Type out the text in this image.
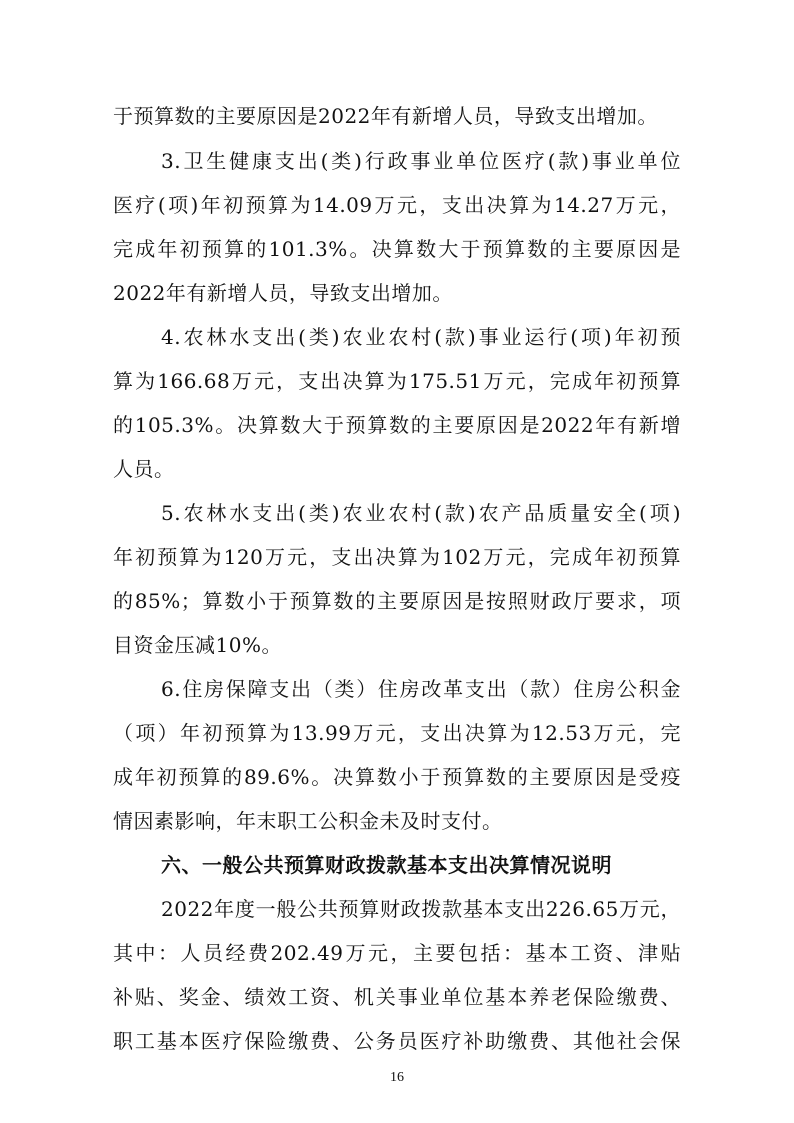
于预算数的主要原因是2022年有新增人员，导致支出增加。
3.卫生健康支出(类)行政事业单位医疗(款)事业单位
医疗(项)年初预算为14.09万元，支出决算为14.27万元，
完成年初预算的101.3%。决算数大于预算数的主要原因是
2022年有新增人员，导致支出增加。
4.农林水支出(类)农业农村(款)事业运行(项)年初预
算为166.68万元，支出决算为175.51万元，完成年初预算
的105.3%。决算数大于预算数的主要原因是2022年有新增
人员。
5.农林水支出(类)农业农村(款)农产品质量安全(项)
年初预算为120万元，支出决算为102万元，完成年初预算
的85%；算数小于预算数的主要原因是按照财政厅要求，项
目资金压减10%。
6.住房保障支出（类）住房改革支出（款）住房公积金
（项）年初预算为13.99万元，支出决算为12.53万元，完
成年初预算的89.6%。决算数小于预算数的主要原因是受疫
情因素影响，年末职工公积金未及时支付。
六、一般公共预算财政拨款基本支出决算情况说明
2022年度一般公共预算财政拨款基本支出226.65万元，
其中：人员经费202.49万元，主要包括：基本工资、津贴
补贴、奖金、绩效工资、机关事业单位基本养老保险缴费、
职工基本医疗保险缴费、公务员医疗补助缴费、其他社会保
16
